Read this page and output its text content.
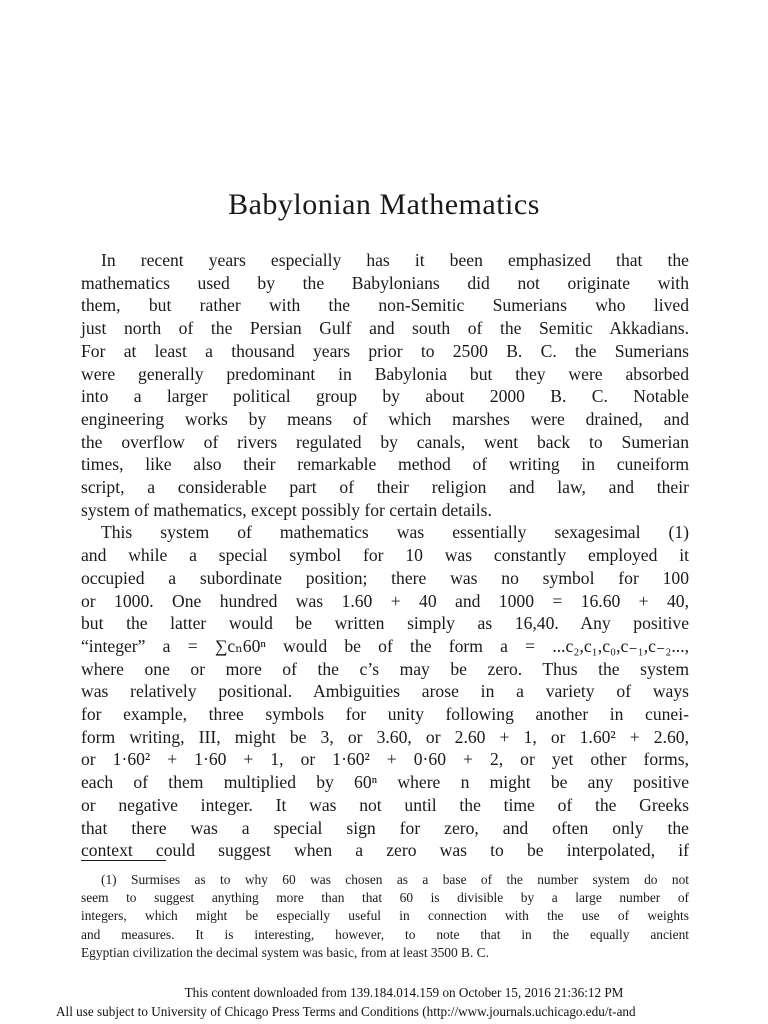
Babylonian Mathematics
In recent years especially has it been emphasized that the
mathematics used by the Babylonians did not originate with
them, but rather with the non-Semitic Sumerians who lived
just north of the Persian Gulf and south of the Semitic Akkadians.
For at least a thousand years prior to 2500 B. C. the Sumerians
were generally predominant in Babylonia but they were absorbed
into a larger political group by about 2000 B. C. Notable
engineering works by means of which marshes were drained, and
the overflow of rivers regulated by canals, went back to Sumerian
times, like also their remarkable method of writing in cuneiform
script, a considerable part of their religion and law, and their
system of mathematics, except possibly for certain details.
This system of mathematics was essentially sexagesimal (1)
and while a special symbol for 10 was constantly employed it
occupied a subordinate position; there was no symbol for 100
or 1000. One hundred was 1.60 + 40 and 1000 = 16.60 + 40,
but the latter would be written simply as 16,40. Any positive
“integer” a = ∑cₙ60ⁿ would be of the form a = ...c₂,c₁,c₀,c₋₁,c₋₂...,
where one or more of the c’s may be zero. Thus the system
was relatively positional. Ambiguities arose in a variety of ways
for example, three symbols for unity following another in cunei-
form writing, III, might be 3, or 3.60, or 2.60 + 1, or 1.60² + 2.60,
or 1·60² + 1·60 + 1, or 1·60² + 0·60 + 2, or yet other forms,
each of them multiplied by 60ⁿ where n might be any positive
or negative integer. It was not until the time of the Greeks
that there was a special sign for zero, and often only the
context could suggest when a zero was to be interpolated, if
(1) Surmises as to why 60 was chosen as a base of the number system do not
seem to suggest anything more than that 60 is divisible by a large number of
integers, which might be especially useful in connection with the use of weights
and measures. It is interesting, however, to note that in the equally ancient
Egyptian civilization the decimal system was basic, from at least 3500 B. C.
This content downloaded from 139.184.014.159 on October 15, 2016 21:36:12 PM
All use subject to University of Chicago Press Terms and Conditions (http://www.journals.uchicago.edu/t-and
